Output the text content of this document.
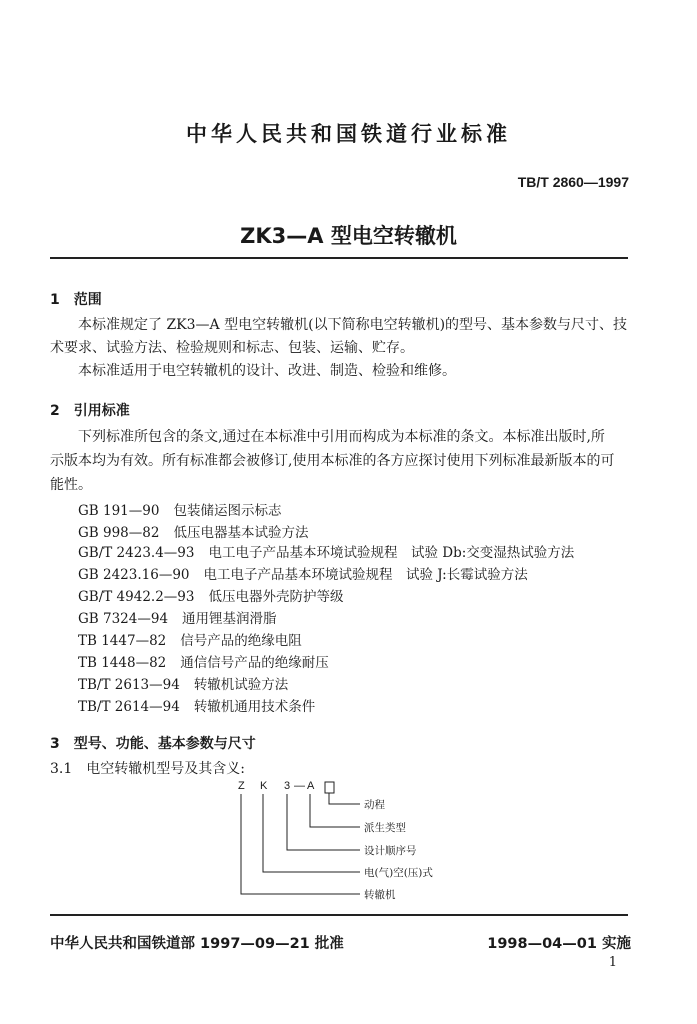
中华人民共和国铁道行业标准
TB/T 2860—1997
ZK3—A 型电空转辙机
1　范围
本标准规定了 ZK3—A 型电空转辙机(以下简称电空转辙机)的型号、基本参数与尺寸、技
术要求、试验方法、检验规则和标志、包装、运输、贮存。
本标准适用于电空转辙机的设计、改进、制造、检验和维修。
2　引用标准
下列标准所包含的条文,通过在本标准中引用而构成为本标准的条文。本标准出版时,所
示版本均为有效。所有标准都会被修订,使用本标准的各方应探讨使用下列标准最新版本的可
能性。
GB 191—90 包装储运图示标志
GB 998—82 低压电器基本试验方法
GB/T 2423.4—93 电工电子产品基本环境试验规程　试验 Db:交变湿热试验方法
GB 2423.16—90 电工电子产品基本环境试验规程　试验 J:长霉试验方法
GB/T 4942.2—93 低压电器外壳防护等级
GB 7324—94 通用锂基润滑脂
TB 1447—82 信号产品的绝缘电阻
TB 1448—82 通信信号产品的绝缘耐压
TB/T 2613—94 转辙机试验方法
TB/T 2614—94 转辙机通用技术条件
3　型号、功能、基本参数与尺寸
3.1　电空转辙机型号及其含义:
Z K 3 — A
动程
派生类型
设计顺序号
电(气)空(压)式
转辙机
中华人民共和国铁道部 1997—09—21 批准	1998—04—01 实施
1
